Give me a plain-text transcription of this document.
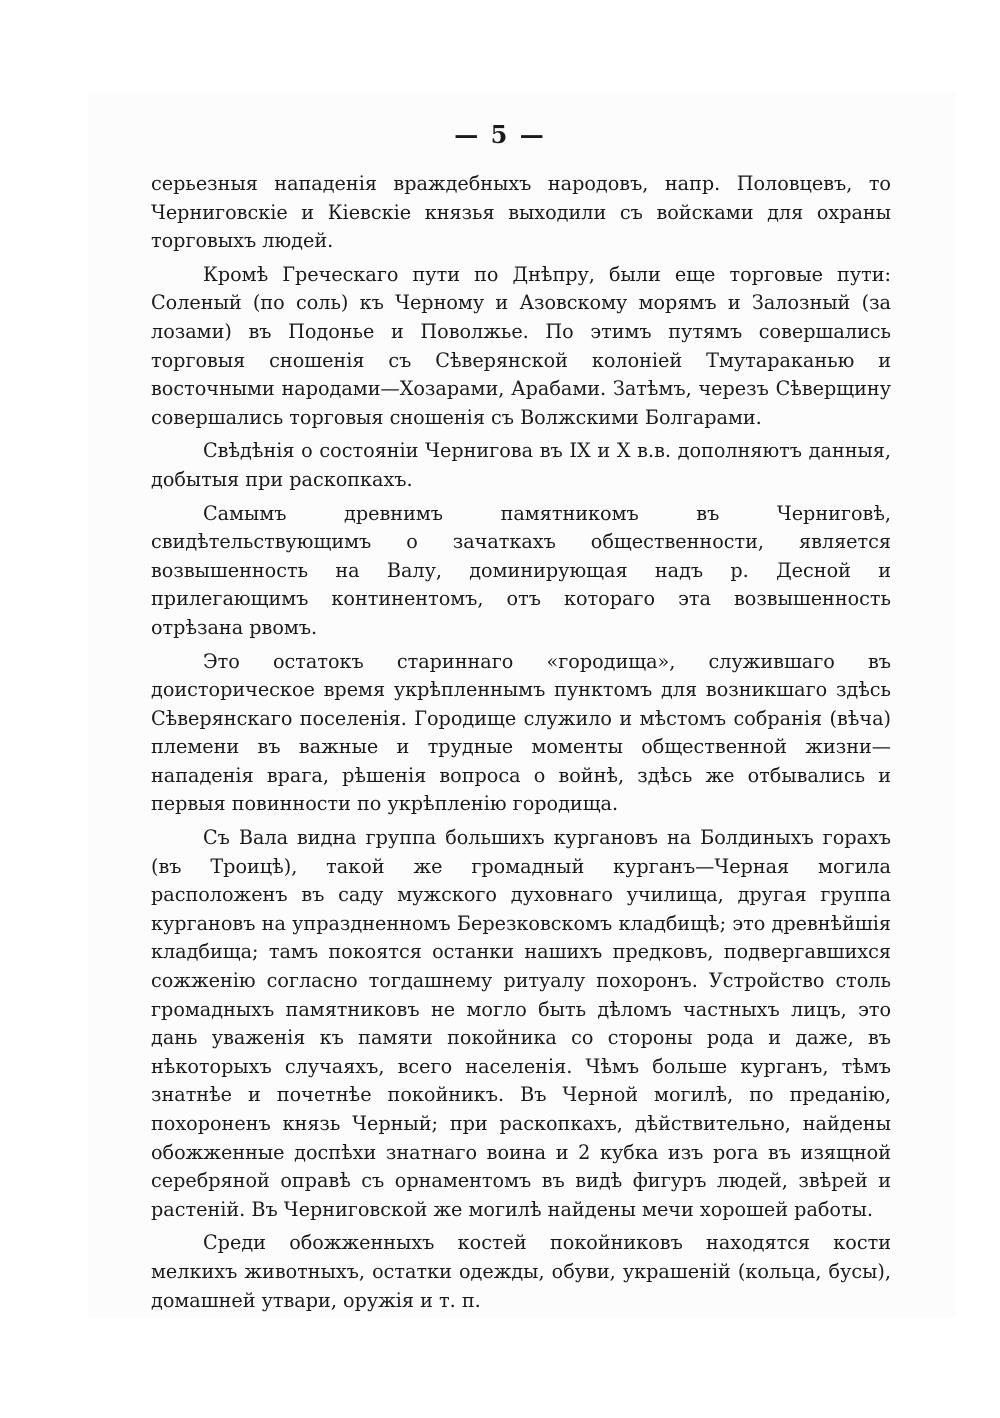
— 5 —

серьезныя нападенія враждебныхъ народовъ, напр. Половцевъ, то Черниговскіе и Кіевскіе князья выходили съ войсками для охраны торговыхъ людей.

Кромѣ Греческаго пути по Днѣпру, были еще торговые пути: Соленый (по соль) къ Черному и Азовскому морямъ и Залозный (за лозами) въ Подонье и Поволжье. По этимъ путямъ совершались торговыя сношенія съ Сѣверянской колоніей Тмутараканью и восточными народами—Хозарами, Арабами. Затѣмъ, черезъ Сѣверщину совершались торговыя сношенія съ Волжскими Болгарами.

Свѣдѣнія о состояніи Чернигова въ IX и X в.в. дополняютъ данныя, добытыя при раскопкахъ.

Самымъ древнимъ памятникомъ въ Черниговѣ, свидѣтельствующимъ о зачаткахъ общественности, является возвышенность на Валу, доминирующая надъ р. Десной и прилегающимъ континентомъ, отъ котораго эта возвышенность отрѣзана рвомъ.

Это остатокъ стариннаго «городища», служившаго въ доисторическое время укрѣпленнымъ пунктомъ для возникшаго здѣсь Сѣверянскаго поселенія. Городище служило и мѣстомъ собранія (вѣча) племени въ важные и трудные моменты общественной жизни—нападенія врага, рѣшенія вопроса о войнѣ, здѣсь же отбывались и первыя повинности по укрѣпленію городища.

Съ Вала видна группа большихъ кургановъ на Болдиныхъ горахъ (въ Троицѣ), такой же громадный курганъ—Черная могила расположенъ въ саду мужского духовнаго училища, другая группа кургановъ на упраздненномъ Березковскомъ кладбищѣ; это древнѣйшія кладбища; тамъ покоятся останки нашихъ предковъ, подвергавшихся сожженію согласно тогдашнему ритуалу похоронъ. Устройство столь громадныхъ памятниковъ не могло быть дѣломъ частныхъ лицъ, это дань уваженія къ памяти покойника со стороны рода и даже, въ нѣкоторыхъ случаяхъ, всего населенія. Чѣмъ больше курганъ, тѣмъ знатнѣе и почетнѣе покойникъ. Въ Черной могилѣ, по преданію, похороненъ князь Черный; при раскопкахъ, дѣйствительно, найдены обожженные доспѣхи знатнаго воина и 2 кубка изъ рога въ изящной серебряной оправѣ съ орнаментомъ въ видѣ фигуръ людей, звѣрей и растеній. Въ Черниговской же могилѣ найдены мечи хорошей работы.

Среди обожженныхъ костей покойниковъ находятся кости мелкихъ животныхъ, остатки одежды, обуви, украшеній (кольца, бусы), домашней утвари, оружія и т. п.
